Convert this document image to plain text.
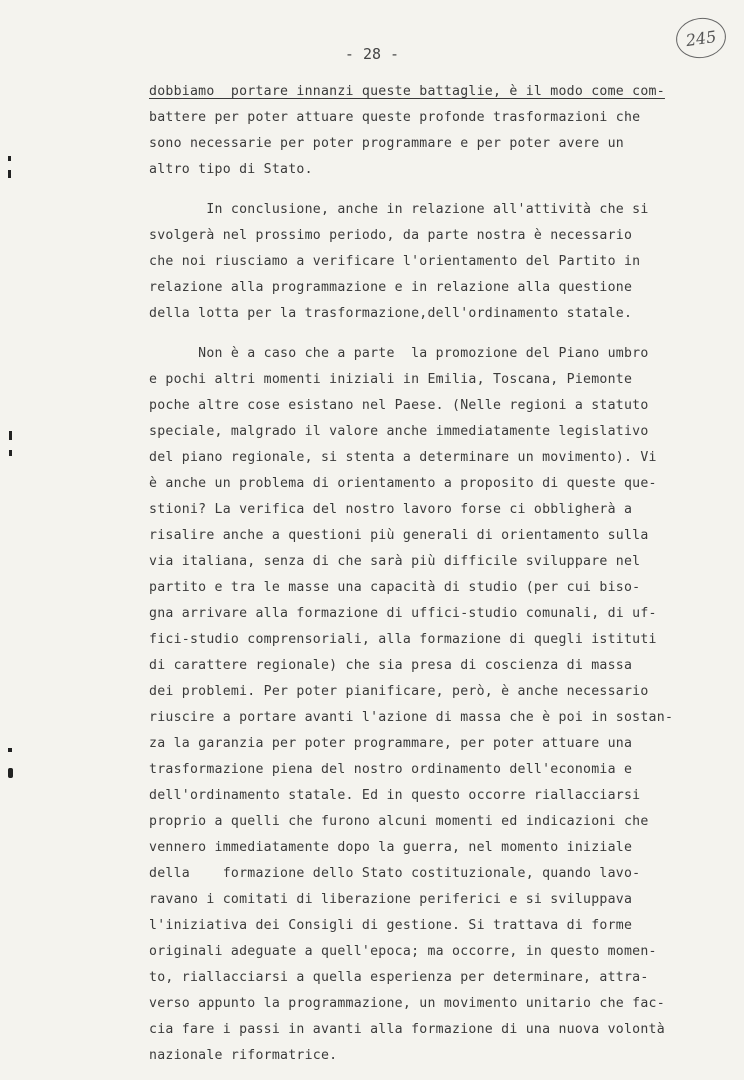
- 28 -
245
dobbiamo  portare innanzi queste battaglie, è il modo come com-
battere per poter attuare queste profonde trasformazioni che
sono necessarie per poter programmare e per poter avere un
altro tipo di Stato.
In conclusione, anche in relazione all'attività che si
svolgerà nel prossimo periodo, da parte nostra è necessario
che noi riusciamo a verificare l'orientamento del Partito in
relazione alla programmazione e in relazione alla questione
della lotta per la trasformazione,dell'ordinamento statale.
Non è a caso che a parte  la promozione del Piano umbro
e pochi altri momenti iniziali in Emilia, Toscana, Piemonte
poche altre cose esistano nel Paese. (Nelle regioni a statuto
speciale, malgrado il valore anche immediatamente legislativo
del piano regionale, si stenta a determinare un movimento). Vi
è anche un problema di orientamento a proposito di queste que-
stioni? La verifica del nostro lavoro forse ci obbligherà a
risalire anche a questioni più generali di orientamento sulla
via italiana, senza di che sarà più difficile sviluppare nel
partito e tra le masse una capacità di studio (per cui biso-
gna arrivare alla formazione di uffici-studio comunali, di uf-
fici-studio comprensoriali, alla formazione di quegli istituti
di carattere regionale) che sia presa di coscienza di massa
dei problemi. Per poter pianificare, però, è anche necessario
riuscire a portare avanti l'azione di massa che è poi in sostan-
za la garanzia per poter programmare, per poter attuare una
trasformazione piena del nostro ordinamento dell'economia e
dell'ordinamento statale. Ed in questo occorre riallacciarsi
proprio a quelli che furono alcuni momenti ed indicazioni che
vennero immediatamente dopo la guerra, nel momento iniziale
della    formazione dello Stato costituzionale, quando lavo-
ravano i comitati di liberazione periferici e si sviluppava
l'iniziativa dei Consigli di gestione. Si trattava di forme
originali adeguate a quell'epoca; ma occorre, in questo momen-
to, riallacciarsi a quella esperienza per determinare, attra-
verso appunto la programmazione, un movimento unitario che fac-
cia fare i passi in avanti alla formazione di una nuova volontà
nazionale riformatrice.
